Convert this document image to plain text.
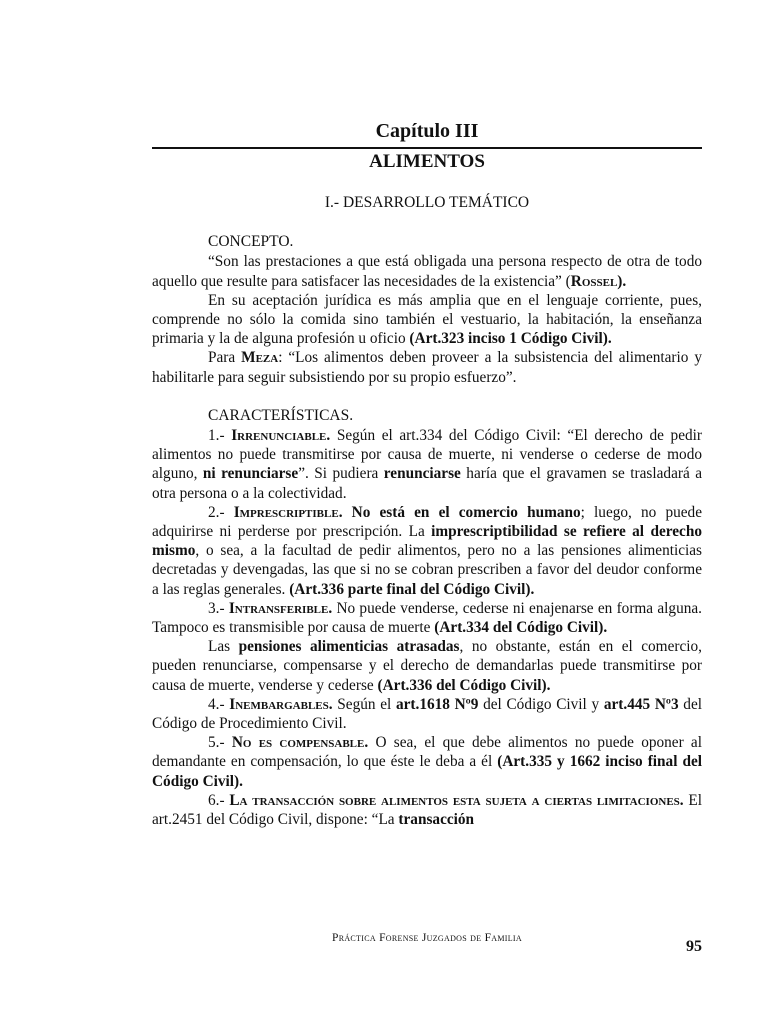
Capítulo III
ALIMENTOS
I.- DESARROLLO TEMÁTICO
CONCEPTO.

“Son las prestaciones a que está obligada una persona respecto de otra de todo aquello que resulte para satisfacer las necesidades de la existencia” (Rossel).

En su aceptación jurídica es más amplia que en el lenguaje corriente, pues, comprende no sólo la comida sino también el vestuario, la habitación, la enseñanza primaria y la de alguna profesión u oficio (Art.323 inciso 1 Código Civil).

Para Meza: “Los alimentos deben proveer a la subsistencia del alimentario y habilitarle para seguir subsistiendo por su propio esfuerzo”.

CARACTERÍSTICAS.

1.- Irrenunciable. Según el art.334 del Código Civil: “El derecho de pedir alimentos no puede transmitirse por causa de muerte, ni venderse o cederse de modo alguno, ni renunciarse”. Si pudiera renunciarse haría que el gravamen se trasladará a otra persona o a la colectividad.

2.- Imprescriptible. No está en el comercio humano; luego, no puede adquirirse ni perderse por prescripción. La imprescriptibilidad se refiere al derecho mismo, o sea, a la facultad de pedir alimentos, pero no a las pensiones alimenticias decretadas y devengadas, las que si no se cobran prescriben a favor del deudor conforme a las reglas generales. (Art.336 parte final del Código Civil).

3.- Intransferible. No puede venderse, cederse ni enajenarse en forma alguna. Tampoco es transmisible por causa de muerte (Art.334 del Código Civil).

Las pensiones alimenticias atrasadas, no obstante, están en el comercio, pueden renunciarse, compensarse y el derecho de demandarlas puede transmitirse por causa de muerte, venderse y cederse (Art.336 del Código Civil).

4.- Inembargables. Según el art.1618 Nº9 del Código Civil y art.445 Nº3 del Código de Procedimiento Civil.

5.- No es compensable. O sea, el que debe alimentos no puede oponer al demandante en compensación, lo que éste le deba a él (Art.335 y 1662 inciso final del Código Civil).

6.- La transacción sobre alimentos esta sujeta a ciertas limitaciones. El art.2451 del Código Civil, dispone: “La transacción

Práctica Forense Juzgados de Familia	95
